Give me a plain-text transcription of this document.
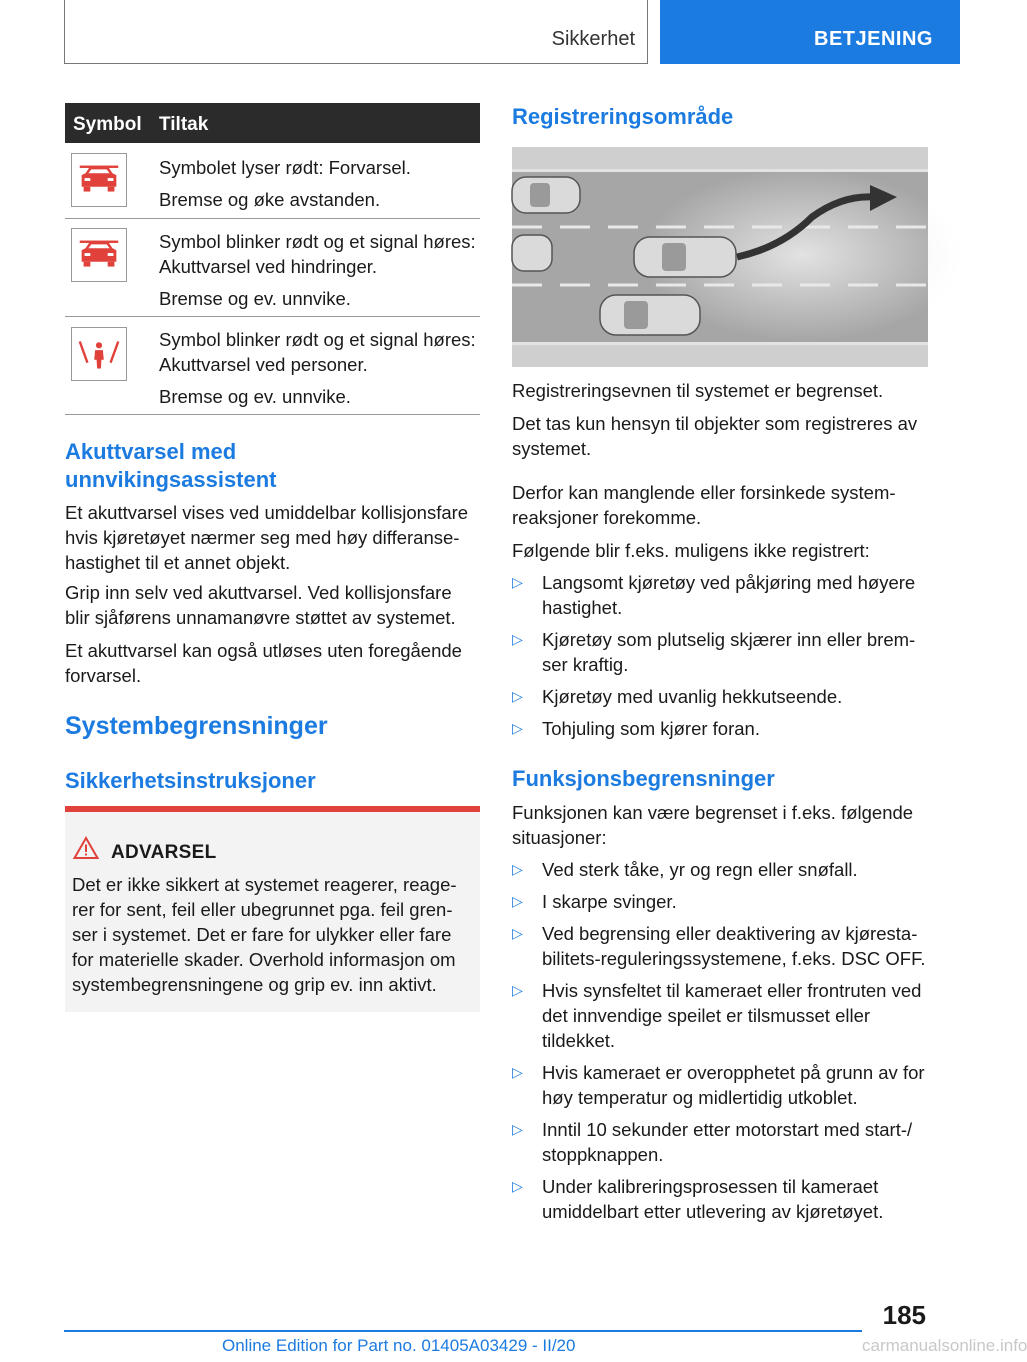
Sikkerhet	BETJENING
Symbol Tiltak

Symbolet lyser rødt: Forvarsel.

Bremse og øke avstanden.

Symbol blinker rødt og et signal høres: Akuttvarsel ved hindringer.

Bremse og ev. unnvike.

Symbol blinker rødt og et signal høres: Akuttvarsel ved personer.

Bremse og ev. unnvike.

Akuttvarsel med unnvikingsassistent

Et akuttvarsel vises ved umiddelbar kollisjonsfare hvis kjøretøyet nærmer seg med høy differansehastighet til et annet objekt.

Grip inn selv ved akuttvarsel. Ved kollisjonsfare blir sjåførens unnamanøvre støttet av systemet.

Et akuttvarsel kan også utløses uten foregående forvarsel.

Systembegrensninger
Sikkerhetsinstruksjoner
ADVARSEL
Det er ikke sikkert at systemet reagerer, reagerer for sent, feil eller ubegrunnet pga. feil grenser i systemet. Det er fare for ulykker eller fare for materielle skader. Overhold informasjon om systembegrensningene og grip ev. inn aktivt.
Registreringsområde

Registreringsevnen til systemet er begrenset.

Det tas kun hensyn til objekter som registreres av systemet.

Derfor kan manglende eller forsinkede systemreaksjoner forekomme.

Følgende blir f.eks. muligens ikke registrert:

▷ Langsomt kjøretøy ved påkjøring med høyere hastighet.
▷ Kjøretøy som plutselig skjærer inn eller bremser kraftig.
▷ Kjøretøy med uvanlig hekkutseende.
▷ Tohjuling som kjører foran.
Funksjonsbegrensninger

Funksjonen kan være begrenset i f.eks. følgende situasjoner:

▷ Ved sterk tåke, yr og regn eller snøfall.
▷ I skarpe svinger.
▷ Ved begrensing eller deaktivering av kjørestabilitets-reguleringssystemene, f.eks. DSC OFF.
▷ Hvis synsfeltet til kameraet eller frontruten ved det innvendige speilet er tilsmusset eller tildekket.
▷ Hvis kameraet er overopphetet på grunn av for høy temperatur og midlertidig utkoblet.
▷ Inntil 10 sekunder etter motorstart med start-/ stoppknappen.
▷ Under kalibreringsprosessen til kameraet umiddelbart etter utlevering av kjøretøyet.
185
Online Edition for Part no. 01405A03429 - II/20	carmanualsonline.info
